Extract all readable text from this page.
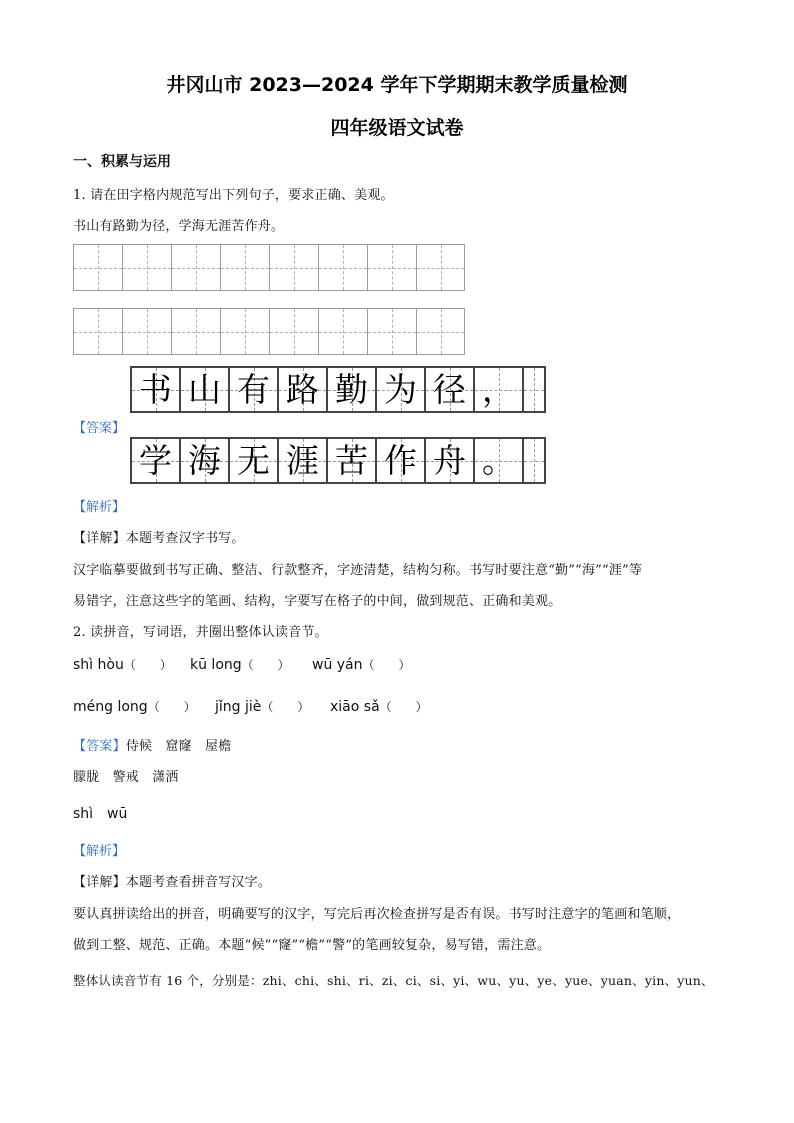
井冈山市 2023—2024 学年下学期期末教学质量检测
四年级语文试卷
一、积累与运用
1. 请在田字格内规范写出下列句子，要求正确、美观。
书山有路勤为径，学海无涯苦作舟。
【答案】
书 山 有 路 勤 为 径 ，
学 海 无 涯 苦 作 舟 。
【解析】
【详解】本题考查汉字书写。
汉字临摹要做到书写正确、整洁、行款整齐，字迹清楚，结构匀称。书写时要注意“勤”“海”“涯”等
易错字，注意这些字的笔画、结构，字要写在格子的中间，做到规范、正确和美观。
2. 读拼音，写词语，并圈出整体认读音节。
shì hòu（　　） kū long（　　） wū yán（　　）
méng long（　　） jǐng jiè（　　） xiāo sǎ（　　）
【答案】侍候　窟窿　屋檐
朦胧　警戒　潇洒
shì　wū
【解析】
【详解】本题考查看拼音写汉字。
要认真拼读给出的拼音，明确要写的汉字，写完后再次检查拼写是否有误。书写时注意字的笔画和笔顺，
做到工整、规范、正确。本题“候”“窿”“檐”“警”的笔画较复杂，易写错，需注意。
整体认读音节有 16 个，分别是：zhi、chi、shi、ri、zi、ci、si、yi、wu、yu、ye、yue、yuan、yin、yun、
